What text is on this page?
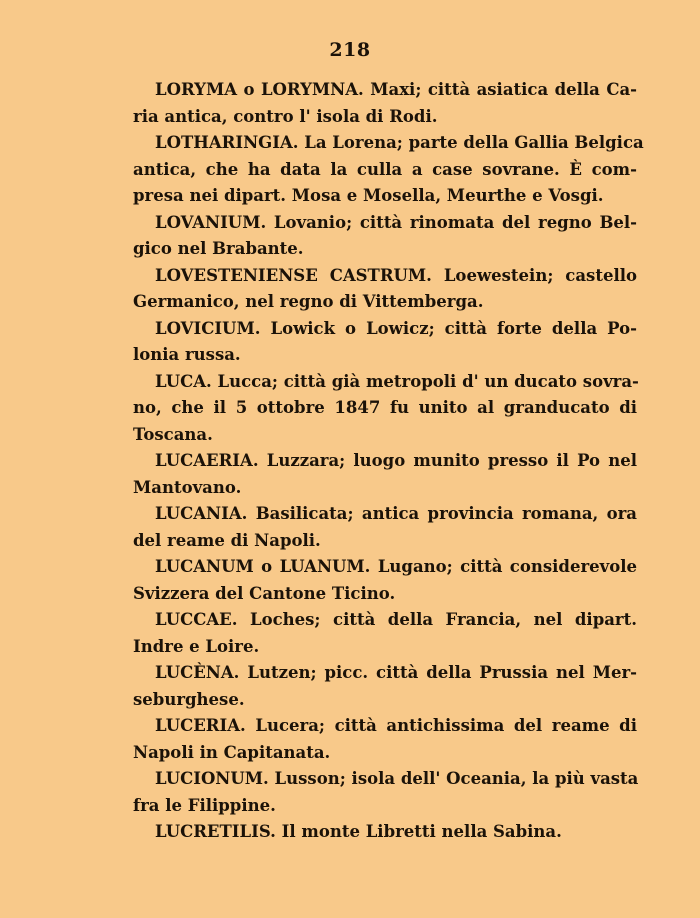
218
LORYMA o LORYMNA. Maxi; città asiatica della Ca-
ria antica, contro l' isola di Rodi.
LOTHARINGIA. La Lorena; parte della Gallia Belgica
antica, che ha data la culla a case sovrane. È com-
presa nei dipart. Mosa e Mosella, Meurthe e Vosgi.
LOVANIUM. Lovanio; città rinomata del regno Bel-
gico nel Brabante.
LOVESTENIENSE CASTRUM. Loewestein; castello
Germanico, nel regno di Vittemberga.
LOVICIUM. Lowick o Lowicz; città forte della Po-
lonia russa.
LUCA. Lucca; città già metropoli d' un ducato sovra-
no, che il 5 ottobre 1847 fu unito al granducato di
Toscana.
LUCAERIA. Luzzara; luogo munito presso il Po nel
Mantovano.
LUCANIA. Basilicata; antica provincia romana, ora
del reame di Napoli.
LUCANUM o LUANUM. Lugano; città considerevole
Svizzera del Cantone Ticino.
LUCCAE. Loches; città della Francia, nel dipart.
Indre e Loire.
LUCÈNA. Lutzen; picc. città della Prussia nel Mer-
seburghese.
LUCERIA. Lucera; città antichissima del reame di
Napoli in Capitanata.
LUCIONUM. Lusson; isola dell' Oceania, la più vasta
fra le Filippine.
LUCRETILIS. Il monte Libretti nella Sabina.
